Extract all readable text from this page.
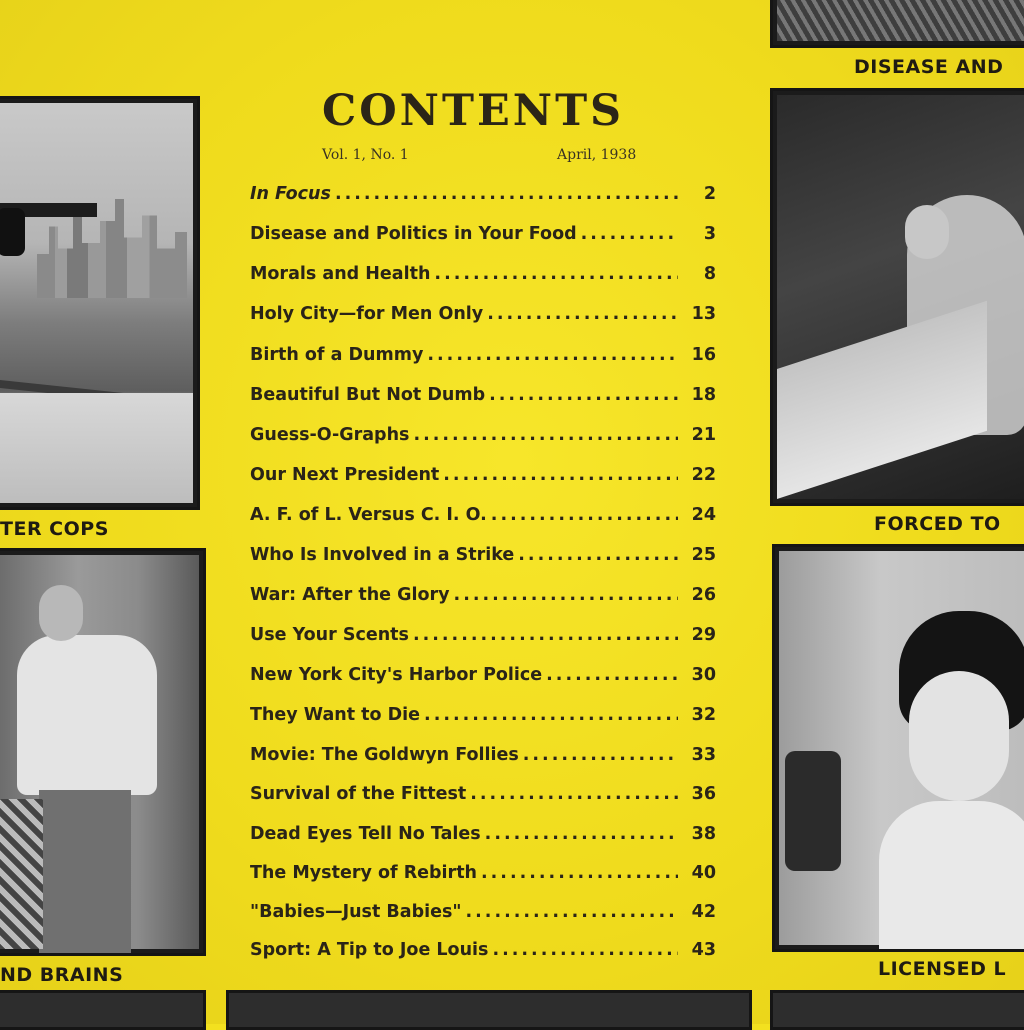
TER COPS
ND BRAINS
DISEASE AND
FORCED TO
LICENSED L
CONTENTS
Vol. 1, No. 1	April, 1938
In Focus .....	2
Disease and Politics in Your Food .....	3
Morals and Health .....	8
Holy City—for Men Only .....	13
Birth of a Dummy .....	16
Beautiful But Not Dumb .....	18
Guess-O-Graphs .....	21
Our Next President .....	22
A. F. of L. Versus C. I. O. .....	24
Who Is Involved in a Strike .....	25
War: After the Glory .....	26
Use Your Scents .....	29
New York City's Harbor Police .....	30
They Want to Die .....	32
Movie: The Goldwyn Follies .....	33
Survival of the Fittest .....	36
Dead Eyes Tell No Tales .....	38
The Mystery of Rebirth .....	40
"Babies—Just Babies" .....	42
Sport: A Tip to Joe Louis .....	43
